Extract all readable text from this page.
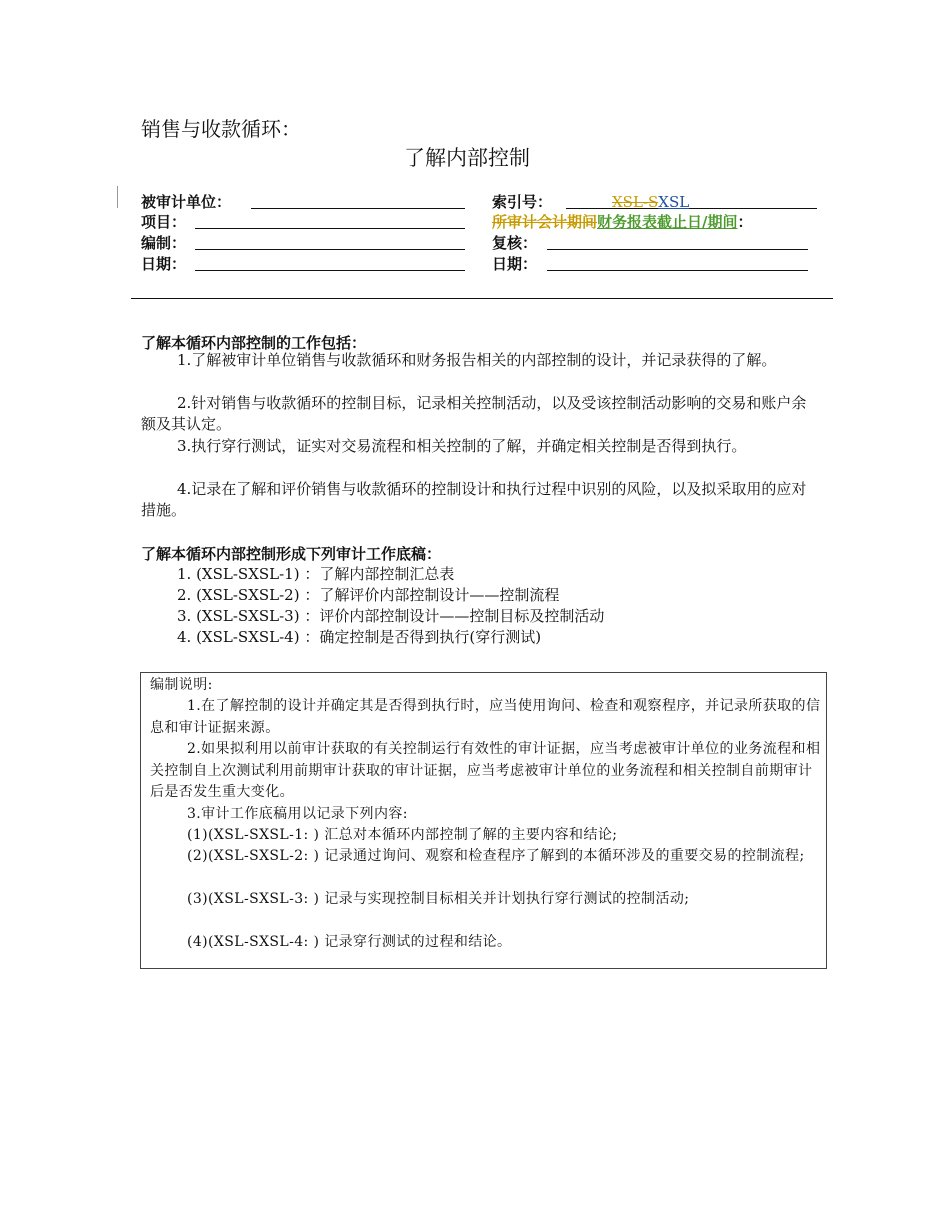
销售与收款循环：
了解内部控制
被审计单位：
项目：
编制：
日期：
索引号：	XSL-SXSL
所审计会计期间财务报表截止日/期间：
复核：
日期：
了解本循环内部控制的工作包括：
1.了解被审计单位销售与收款循环和财务报告相关的内部控制的设计，并记录获得的了解。
2.针对销售与收款循环的控制目标，记录相关控制活动，以及受该控制活动影响的交易和账户余额及其认定。
3.执行穿行测试，证实对交易流程和相关控制的了解，并确定相关控制是否得到执行。
4.记录在了解和评价销售与收款循环的控制设计和执行过程中识别的风险，以及拟采取用的应对措施。
了解本循环内部控制形成下列审计工作底稿：
1. (XSL-SXSL-1) ：了解内部控制汇总表
2. (XSL-SXSL-2) ：了解评价内部控制设计——控制流程
3. (XSL-SXSL-3) ：评价内部控制设计——控制目标及控制活动
4. (XSL-SXSL-4) ：确定控制是否得到执行(穿行测试)
编制说明:
1.在了解控制的设计并确定其是否得到执行时，应当使用询问、检查和观察程序，并记录所获取的信息和审计证据来源。
2.如果拟利用以前审计获取的有关控制运行有效性的审计证据，应当考虑被审计单位的业务流程和相关控制自上次测试利用前期审计获取的审计证据，应当考虑被审计单位的业务流程和相关控制自前期审计后是否发生重大变化。
3.审计工作底稿用以记录下列内容:
(1)(XSL-SXSL-1: ) 汇总对本循环内部控制了解的主要内容和结论;
(2)(XSL-SXSL-2: ) 记录通过询问、观察和检查程序了解到的本循环涉及的重要交易的控制流程;
(3)(XSL-SXSL-3: ) 记录与实现控制目标相关并计划执行穿行测试的控制活动;
(4)(XSL-SXSL-4: ) 记录穿行测试的过程和结论。
